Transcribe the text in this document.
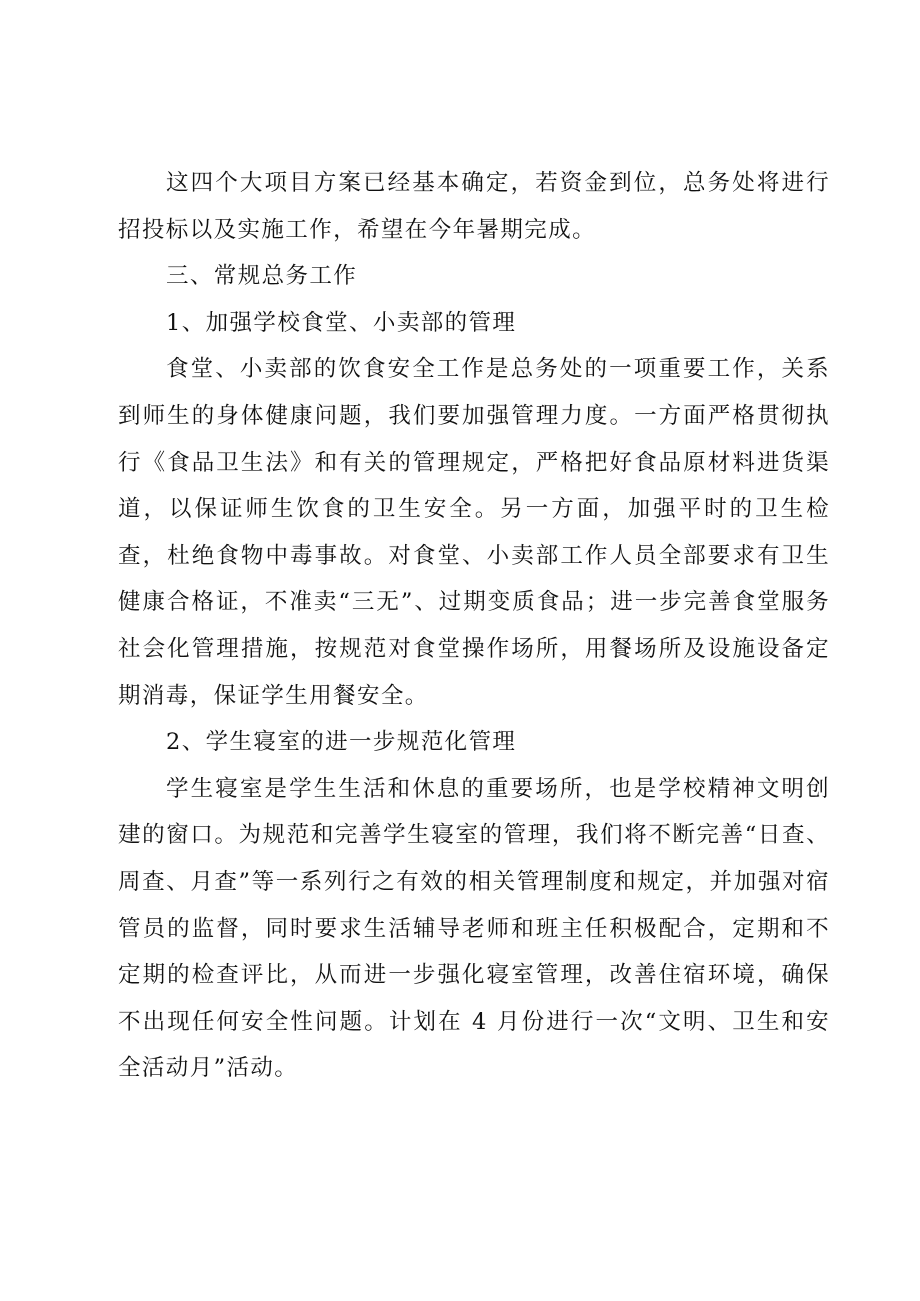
这四个大项目方案已经基本确定，若资金到位，总务处将进行招投标以及实施工作，希望在今年暑期完成。

三、常规总务工作

1、加强学校食堂、小卖部的管理

食堂、小卖部的饮食安全工作是总务处的一项重要工作，关系到师生的身体健康问题，我们要加强管理力度。一方面严格贯彻执行《食品卫生法》和有关的管理规定，严格把好食品原材料进货渠道，以保证师生饮食的卫生安全。另一方面，加强平时的卫生检查，杜绝食物中毒事故。对食堂、小卖部工作人员全部要求有卫生健康合格证，不准卖“三无”、过期变质食品；进一步完善食堂服务社会化管理措施，按规范对食堂操作场所，用餐场所及设施设备定期消毒，保证学生用餐安全。

2、学生寝室的进一步规范化管理

学生寝室是学生生活和休息的重要场所，也是学校精神文明创建的窗口。为规范和完善学生寝室的管理，我们将不断完善“日查、周查、月查”等一系列行之有效的相关管理制度和规定，并加强对宿管员的监督，同时要求生活辅导老师和班主任积极配合，定期和不定期的检查评比，从而进一步强化寝室管理，改善住宿环境，确保不出现任何安全性问题。计划在 4 月份进行一次“文明、卫生和安全活动月”活动。
